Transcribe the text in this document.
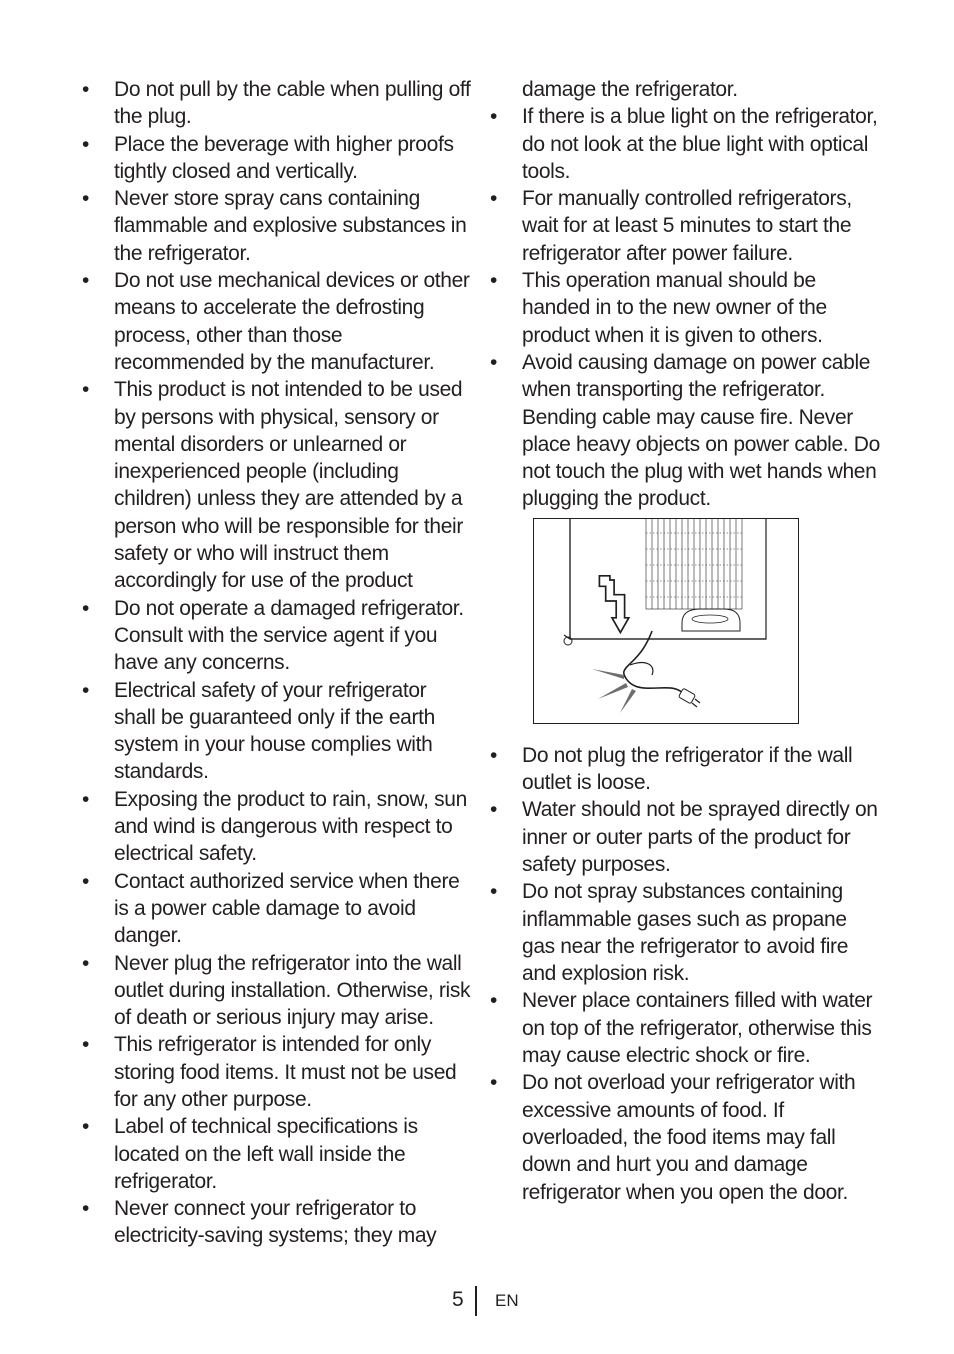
• Do not pull by the cable when pulling off the plug.
• Place the beverage with higher proofs tightly closed and vertically.
• Never store spray cans containing flammable and explosive substances in the refrigerator.
• Do not use mechanical devices or other means to accelerate the defrosting process, other than those recommended by the manufacturer.
• This product is not intended to be used by persons with physical, sensory or mental disorders or unlearned or inexperienced people (including children) unless they are attended by a person who will be responsible for their safety or who will instruct them accordingly for use of the product
• Do not operate a damaged refrigerator. Consult with the service agent if you have any concerns.
• Electrical safety of your refrigerator shall be guaranteed only if the earth system in your house complies with standards.
• Exposing the product to rain, snow, sun and wind is dangerous with respect to electrical safety.
• Contact authorized service when there is a power cable damage to avoid danger.
• Never plug the refrigerator into the wall outlet during installation. Otherwise, risk of death or serious injury may arise.
• This refrigerator is intended for only storing food items. It must not be used for any other purpose.
• Label of technical specifications is located on the left wall inside the refrigerator.
• Never connect your refrigerator to electricity-saving systems; they may
damage the refrigerator.
• If there is a blue light on the refrigerator, do not look at the blue light with optical tools.
• For manually controlled refrigerators, wait for at least 5 minutes to start the refrigerator after power failure.
• This operation manual should be handed in to the new owner of the product when it is given to others.
• Avoid causing damage on power cable when transporting the refrigerator. Bending cable may cause fire. Never place heavy objects on power cable. Do not touch the plug with wet hands when plugging the product.
• Do not plug the refrigerator if the wall outlet is loose.
• Water should not be sprayed directly on inner or outer parts of the product for safety purposes.
• Do not spray substances containing inflammable gases such as propane gas near the refrigerator to avoid fire and explosion risk.
• Never place containers filled with water on top of the refrigerator, otherwise this may cause electric shock or fire.
• Do not overload your refrigerator with excessive amounts of food. If overloaded, the food items may fall down and hurt you and damage refrigerator when you open the door.
5 EN
